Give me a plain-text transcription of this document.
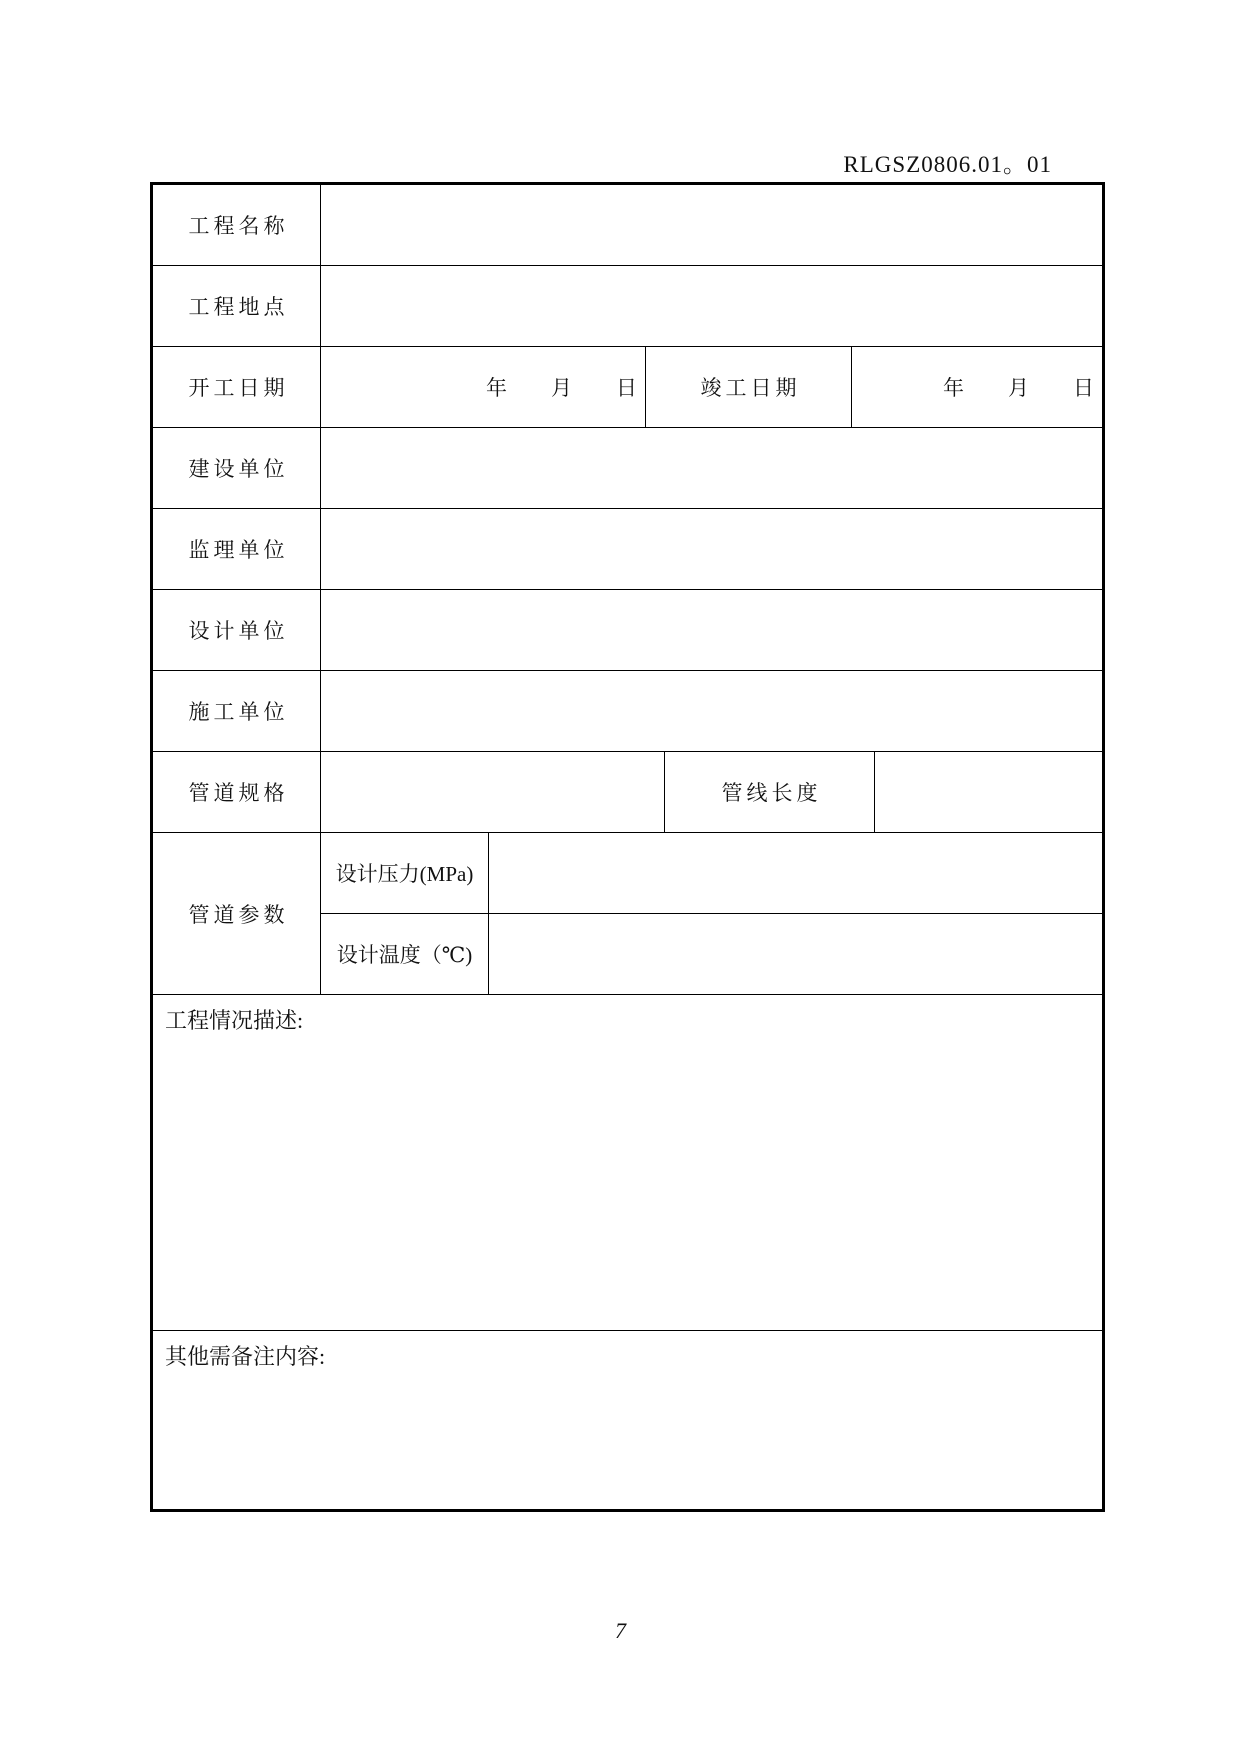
RLGSZ0806.01。01
工程名称
工程地点
开工日期	年 月 日	竣工日期	年 月 日
建设单位
监理单位
设计单位
施工单位
管道规格	管线长度
管道参数
设计压力(MPa)
设计温度（℃)
工程情况描述:
其他需备注内容:
7
